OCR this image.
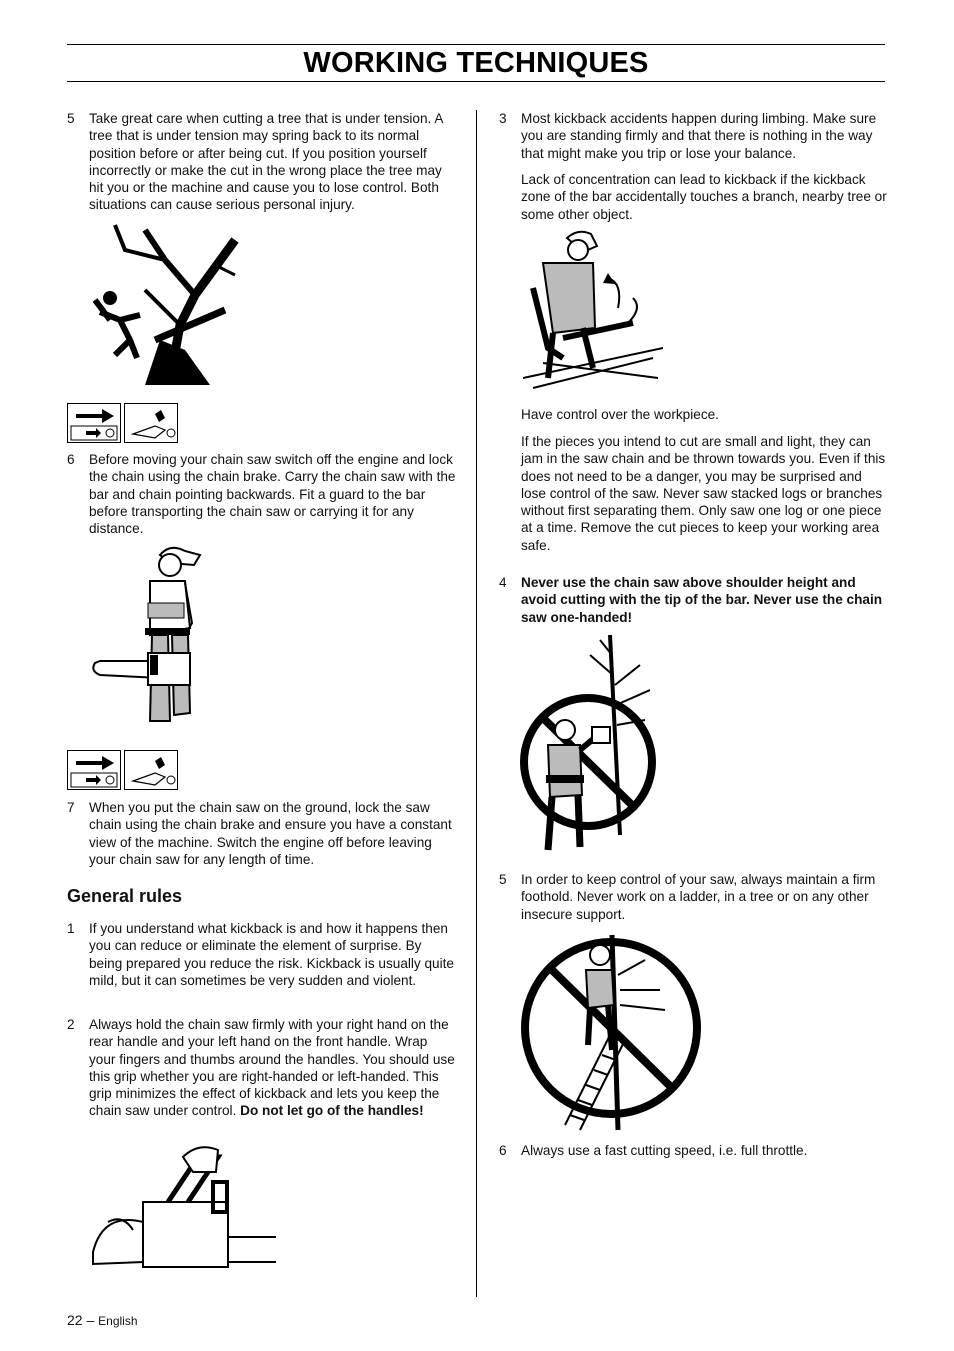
WORKING TECHNIQUES
5 Take great care when cutting a tree that is under tension. A tree that is under tension may spring back to its normal position before or after being cut. If you position yourself incorrectly or make the cut in the wrong place the tree may hit you or the machine and cause you to lose control. Both situations can cause serious personal injury.
6 Before moving your chain saw switch off the engine and lock the chain using the chain brake. Carry the chain saw with the bar and chain pointing backwards. Fit a guard to the bar before transporting the chain saw or carrying it for any distance.
7 When you put the chain saw on the ground, lock the saw chain using the chain brake and ensure you have a constant view of the machine. Switch the engine off before leaving your chain saw for any length of time.
General rules
1 If you understand what kickback is and how it happens then you can reduce or eliminate the element of surprise. By being prepared you reduce the risk. Kickback is usually quite mild, but it can sometimes be very sudden and violent.
2 Always hold the chain saw firmly with your right hand on the rear handle and your left hand on the front handle. Wrap your fingers and thumbs around the handles. You should use this grip whether you are right-handed or left-handed. This grip minimizes the effect of kickback and lets you keep the chain saw under control. Do not let go of the handles!
3 Most kickback accidents happen during limbing. Make sure you are standing firmly and that there is nothing in the way that might make you trip or lose your balance.
Lack of concentration can lead to kickback if the kickback zone of the bar accidentally touches a branch, nearby tree or some other object.
Have control over the workpiece.
If the pieces you intend to cut are small and light, they can jam in the saw chain and be thrown towards you. Even if this does not need to be a danger, you may be surprised and lose control of the saw. Never saw stacked logs or branches without first separating them. Only saw one log or one piece at a time. Remove the cut pieces to keep your working area safe.
4 Never use the chain saw above shoulder height and avoid cutting with the tip of the bar. Never use the chain saw one-handed!
5 In order to keep control of your saw, always maintain a firm foothold. Never work on a ladder, in a tree or on any other insecure support.
6 Always use a fast cutting speed, i.e. full throttle.
22 – English
